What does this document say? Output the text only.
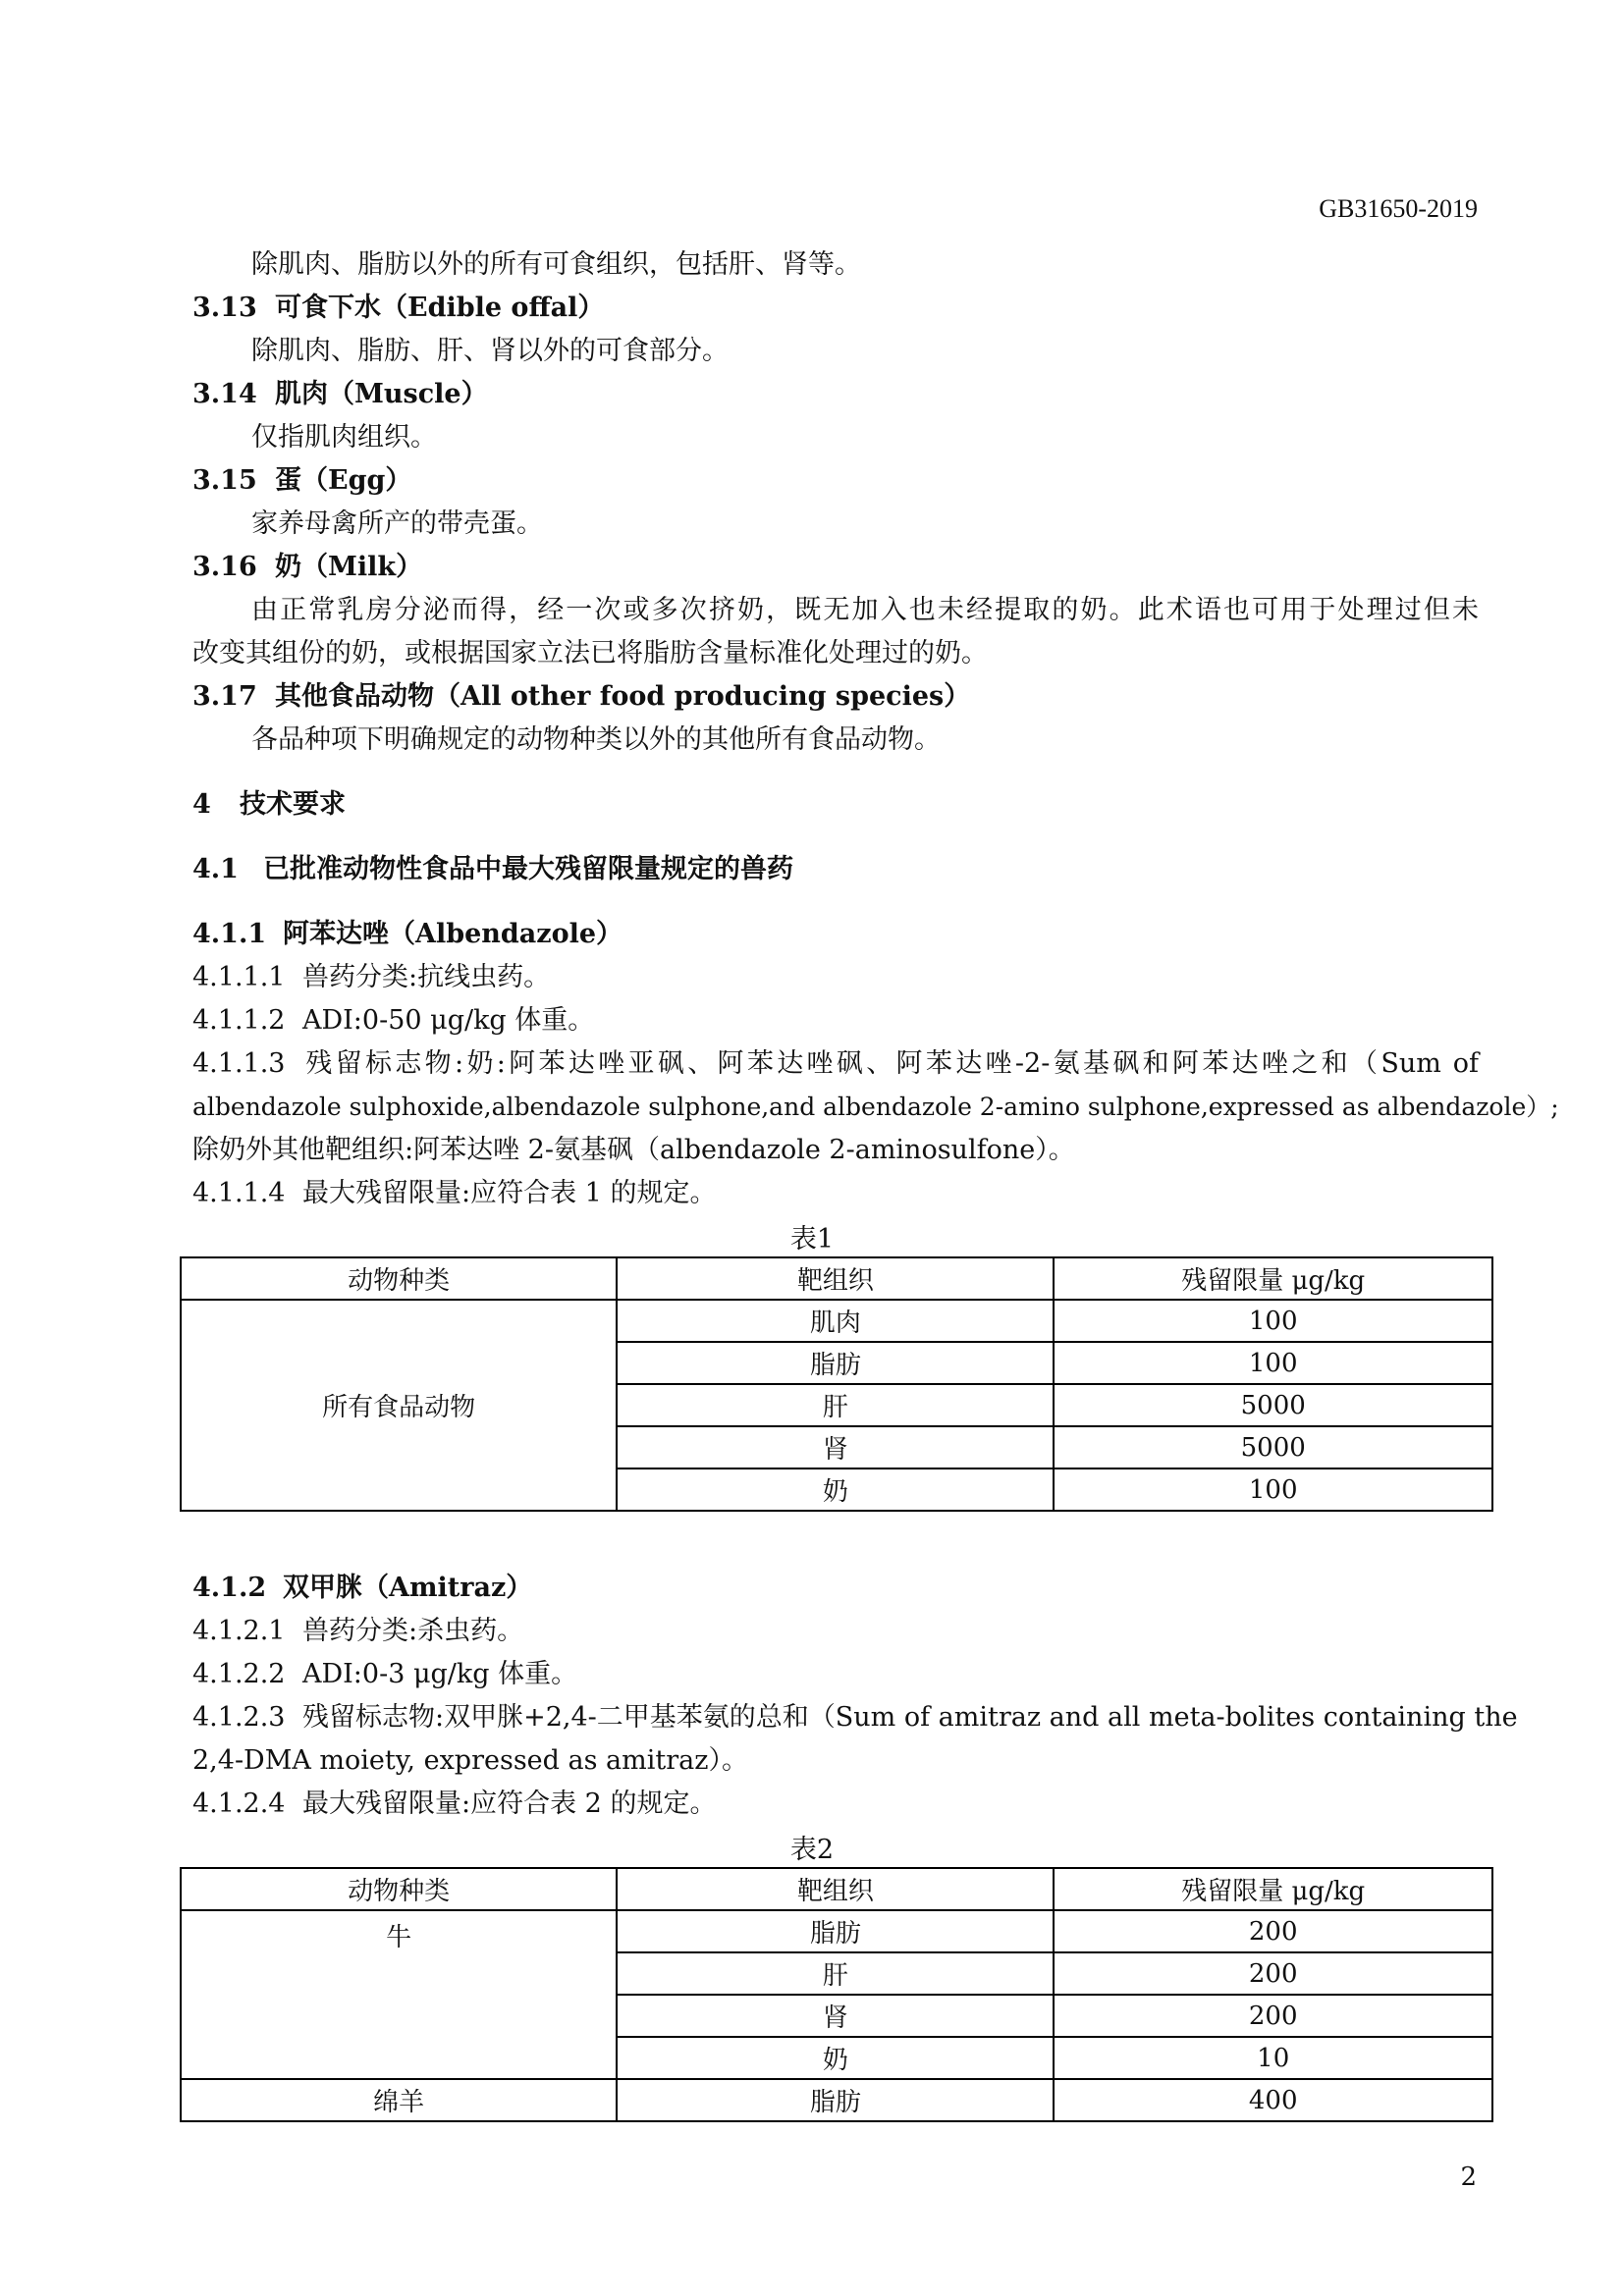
GB31650-2019
除肌肉、脂肪以外的所有可食组织，包括肝、肾等。
3.13 可食下水（Edible offal）
除肌肉、脂肪、肝、肾以外的可食部分。
3.14 肌肉（Muscle）
仅指肌肉组织。
3.15 蛋（Egg）
家养母禽所产的带壳蛋。
3.16 奶（Milk）
由正常乳房分泌而得，经一次或多次挤奶，既无加入也未经提取的奶。此术语也可用于处理过但未
改变其组份的奶，或根据国家立法已将脂肪含量标准化处理过的奶。
3.17 其他食品动物（All other food producing species）
各品种项下明确规定的动物种类以外的其他所有食品动物。
4 技术要求
4.1 已批准动物性食品中最大残留限量规定的兽药
4.1.1 阿苯达唑（Albendazole）
4.1.1.1 兽药分类:抗线虫药。
4.1.1.2 ADI:0-50 μg/kg 体重。
4.1.1.3 残留标志物:奶:阿苯达唑亚砜、阿苯达唑砜、阿苯达唑-2-氨基砜和阿苯达唑之和（Sum of
albendazole sulphoxide,albendazole sulphone,and albendazole 2-amino sulphone,expressed as albendazole）;
除奶外其他靶组织:阿苯达唑 2-氨基砜（albendazole 2-aminosulfone）。
4.1.1.4 最大残留限量:应符合表 1 的规定。
表1
动物种类	靶组织	残留限量 μg/kg
所有食品动物	肌肉	100
	脂肪	100
	肝	5000
	肾	5000
	奶	100
4.1.2 双甲脒（Amitraz）
4.1.2.1 兽药分类:杀虫药。
4.1.2.2 ADI:0-3 μg/kg 体重。
4.1.2.3 残留标志物:双甲脒+2,4-二甲基苯氨的总和（Sum of amitraz and all meta-bolites containing the
2,4-DMA moiety, expressed as amitraz）。
4.1.2.4 最大残留限量:应符合表 2 的规定。
表2
动物种类	靶组织	残留限量 μg/kg
牛	脂肪	200
	肝	200
	肾	200
	奶	10
绵羊	脂肪	400
2
